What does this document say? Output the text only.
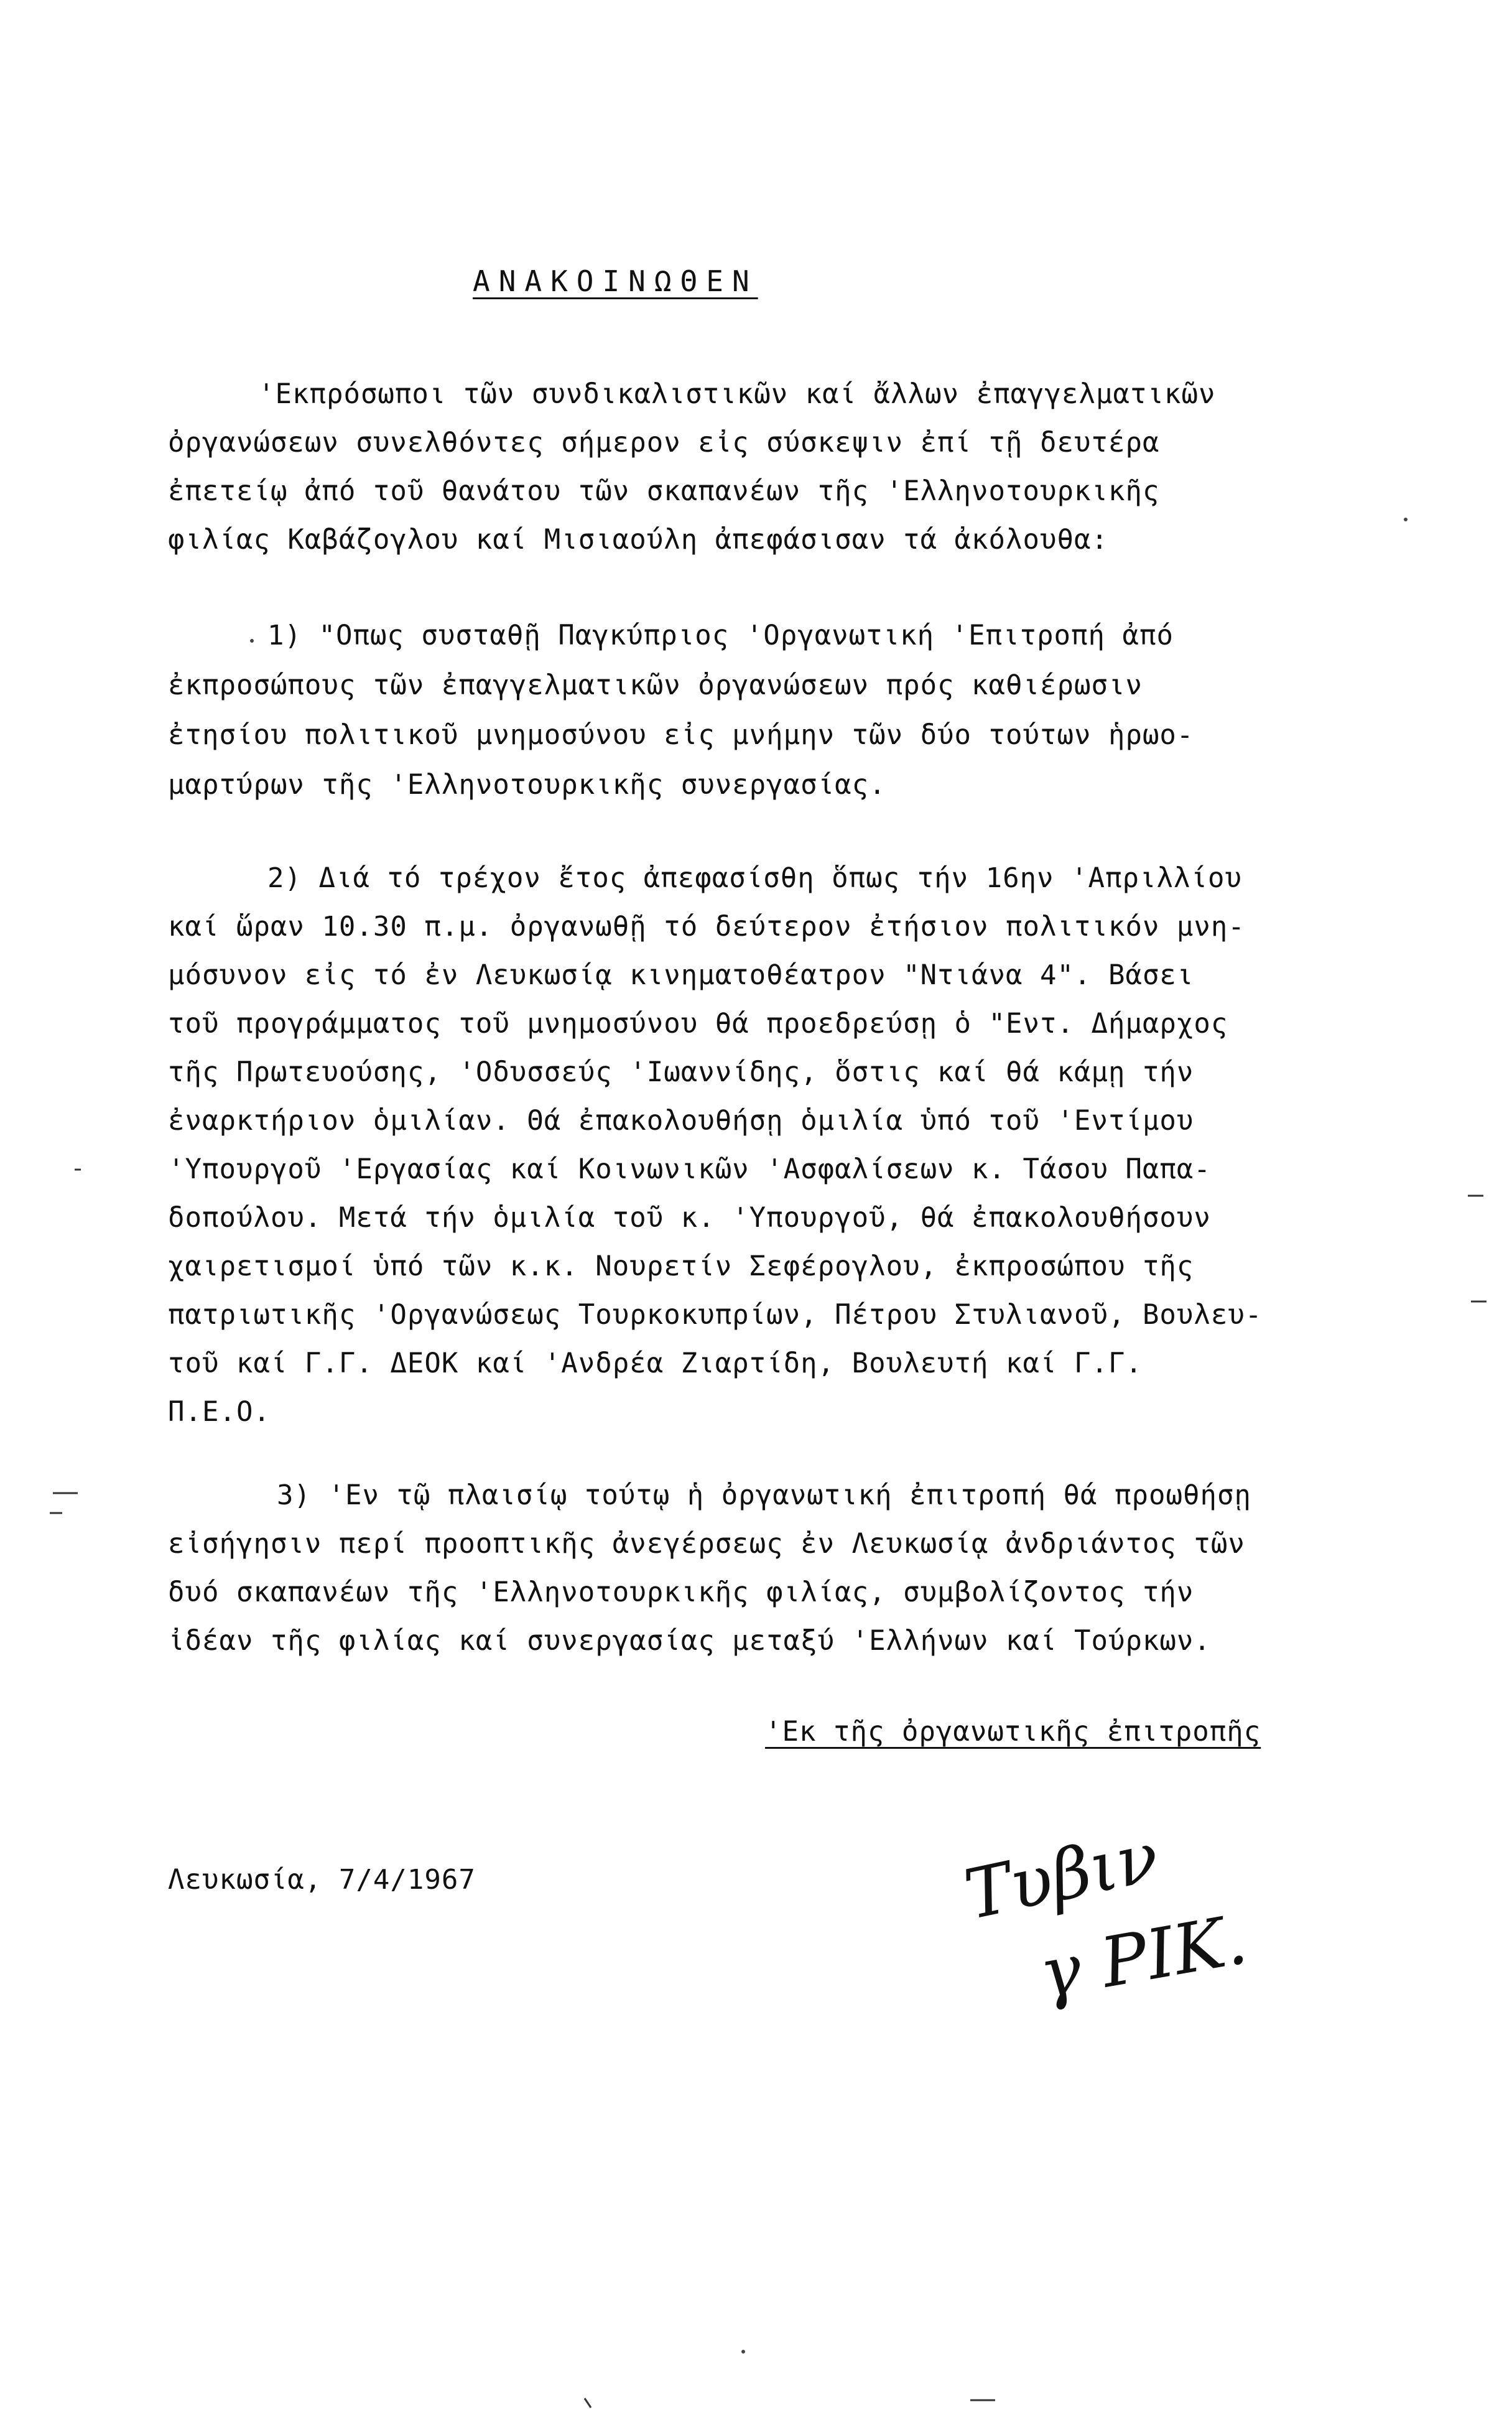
ΑΝΑΚΟΙΝΩΘΕΝ
'Εκπρόσωποι τῶν συνδικαλιστικῶν καί ἄλλων ἐπαγγελματικῶν
ὀργανώσεων συνελθόντες σήμερον εἰς σύσκεψιν ἐπί τῇ δευτέρα
ἐπετείῳ ἀπό τοῦ θανάτου τῶν σκαπανέων τῆς 'Ελληνοτουρκικῆς
φιλίας Καβάζογλου καί Μισιαούλη ἀπεφάσισαν τά ἀκόλουθα:
1) "Οπως συσταθῇ Παγκύπριος 'Οργανωτική 'Επιτροπή ἀπό
ἐκπροσώπους τῶν ἐπαγγελματικῶν ὀργανώσεων πρός καθιέρωσιν
ἐτησίου πολιτικοῦ μνημοσύνου εἰς μνήμην τῶν δύο τούτων ἡρωο-
μαρτύρων τῆς 'Ελληνοτουρκικῆς συνεργασίας.
2) Διά τό τρέχον ἔτος ἀπεφασίσθη ὅπως τήν 16ην 'Απριλλίου
καί ὥραν 10.30 π.μ. ὀργανωθῇ τό δεύτερον ἐτήσιον πολιτικόν μνη-
μόσυνον εἰς τό ἐν Λευκωσίᾳ κινηματοθέατρον "Ντιάνα 4". Βάσει
τοῦ προγράμματος τοῦ μνημοσύνου θά προεδρεύσῃ ὁ "Εντ. Δήμαρχος
τῆς Πρωτευούσης, 'Οδυσσεύς 'Ιωαννίδης, ὅστις καί θά κάμῃ τήν
ἐναρκτήριον ὁμιλίαν. Θά ἐπακολουθήσῃ ὁμιλία ὑπό τοῦ 'Εντίμου
'Υπουργοῦ 'Εργασίας καί Κοινωνικῶν 'Ασφαλίσεων κ. Τάσου Παπα-
δοπούλου. Μετά τήν ὁμιλία τοῦ κ. 'Υπουργοῦ, θά ἐπακολουθήσουν
χαιρετισμοί ὑπό τῶν κ.κ. Νουρετίν Σεφέρογλου, ἐκπροσώπου τῆς
πατριωτικῆς 'Οργανώσεως Τουρκοκυπρίων, Πέτρου Στυλιανοῦ, Βουλευ-
τοῦ καί Γ.Γ. ΔΕΟΚ καί 'Ανδρέα Ζιαρτίδη, Βουλευτή καί Γ.Γ.
Π.Ε.Ο.
3) 'Εν τῷ πλαισίῳ τούτῳ ἡ ὀργανωτική ἐπιτροπή θά προωθήσῃ
εἰσήγησιν περί προοπτικῆς ἀνεγέρσεως ἐν Λευκωσίᾳ ἀνδριάντος τῶν
δυό σκαπανέων τῆς 'Ελληνοτουρκικῆς φιλίας, συμβολίζοντος τήν
ἰδέαν τῆς φιλίας καί συνεργασίας μεταξύ 'Ελλήνων καί Τούρκων.
'Εκ τῆς ὀργανωτικῆς ἐπιτροπῆς
Λευκωσία, 7/4/1967	Τυβιν
γ ΡΙΚ.
